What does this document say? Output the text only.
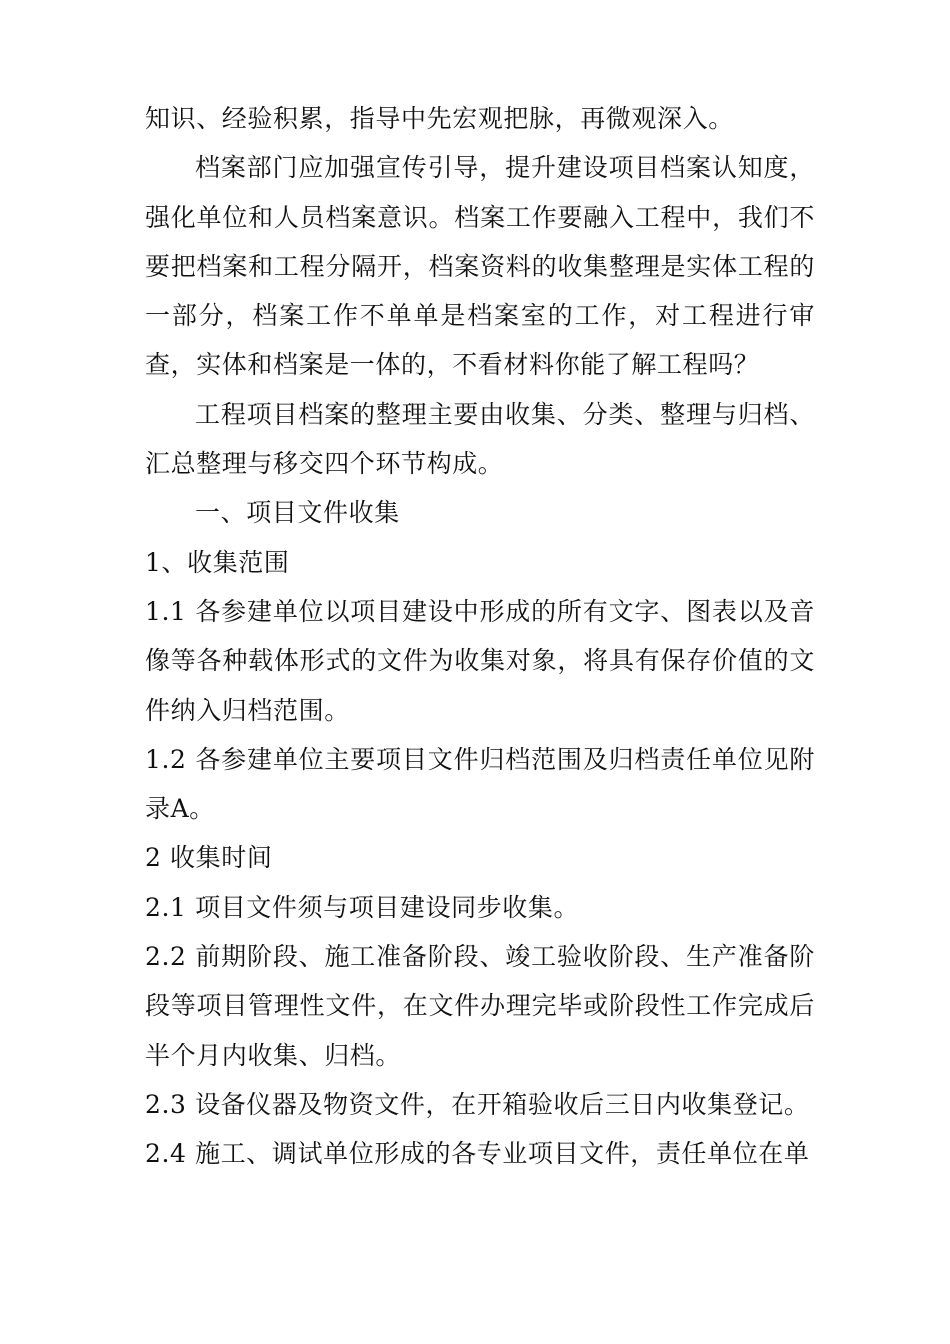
知识、经验积累，指导中先宏观把脉，再微观深入。

档案部门应加强宣传引导，提升建设项目档案认知度，强化单位和人员档案意识。档案工作要融入工程中，我们不要把档案和工程分隔开，档案资料的收集整理是实体工程的一部分，档案工作不单单是档案室的工作，对工程进行审查，实体和档案是一体的，不看材料你能了解工程吗？

工程项目档案的整理主要由收集、分类、整理与归档、汇总整理与移交四个环节构成。

一、项目文件收集

1、收集范围

1.1 各参建单位以项目建设中形成的所有文字、图表以及音像等各种载体形式的文件为收集对象，将具有保存价值的文件纳入归档范围。

1.2 各参建单位主要项目文件归档范围及归档责任单位见附录A。

2 收集时间

2.1 项目文件须与项目建设同步收集。

2.2 前期阶段、施工准备阶段、竣工验收阶段、生产准备阶段等项目管理性文件，在文件办理完毕或阶段性工作完成后半个月内收集、归档。

2.3 设备仪器及物资文件，在开箱验收后三日内收集登记。

2.4 施工、调试单位形成的各专业项目文件，责任单位在单
